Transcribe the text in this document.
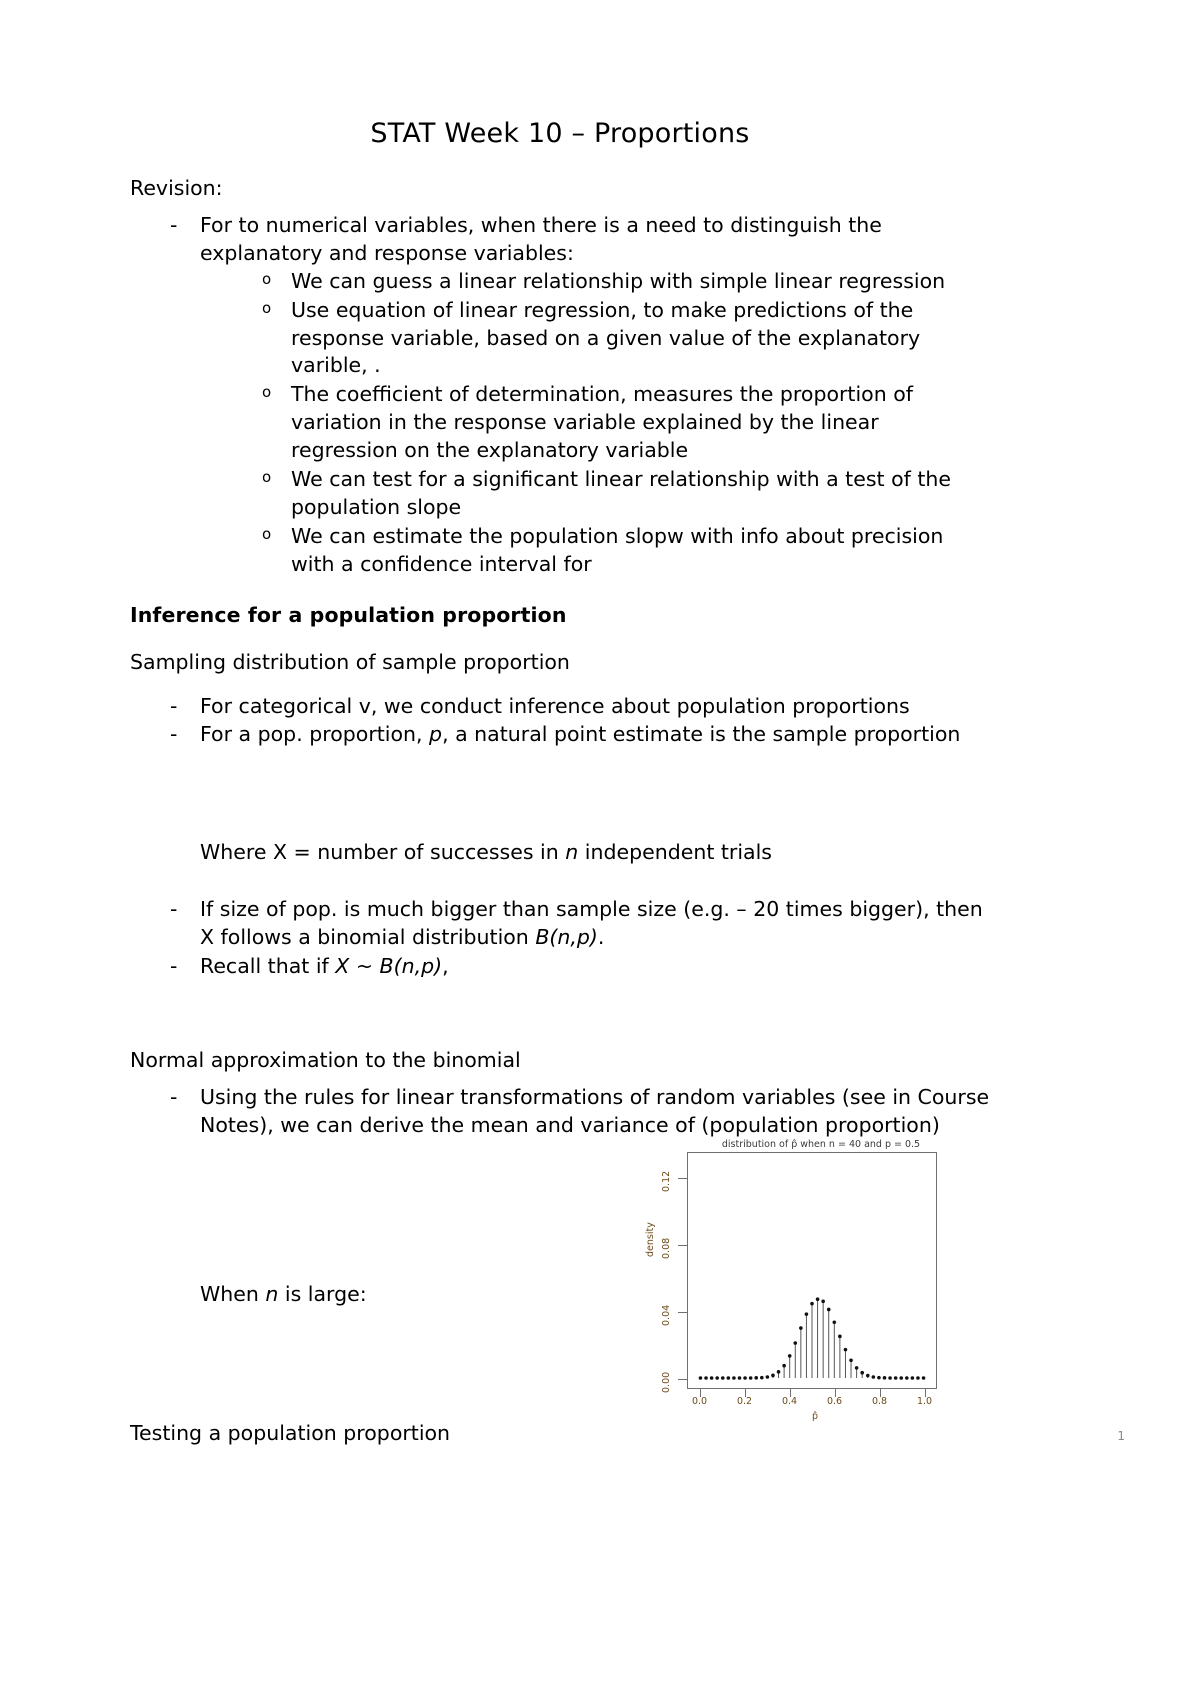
STAT Week 10 – Proportions

Revision:

- For to numerical variables, when there is a need to distinguish the explanatory and response variables:
o We can guess a linear relationship with simple linear regression
o Use equation of linear regression, to make predictions of the response variable, based on a given value of the explanatory varible, .
o The coefficient of determination, measures the proportion of variation in the response variable explained by the linear regression on the explanatory variable
o We can test for a significant linear relationship with a test of the population slope
o We can estimate the population slopw with info about precision with a confidence interval for

Inference for a population proportion

Sampling distribution of sample proportion

- For categorical v, we conduct inference about population proportions
- For a pop. proportion, p, a natural point estimate is the sample proportion

Where X = number of successes in n independent trials

- If size of pop. is much bigger than sample size (e.g. – 20 times bigger), then X follows a binomial distribution B(n,p).
- Recall that if X ~ B(n,p),

Normal approximation to the binomial

- Using the rules for linear transformations of random variables (see in Course Notes), we can derive the mean and variance of (population proportion)

When n is large:

distribution of p̂ when n = 40 and p = 0.5
density
0.00
0.04
0.08
0.12
0.0	0.2	0.4	0.6	0.8	1.0
p̂

Testing a population proportion	1
